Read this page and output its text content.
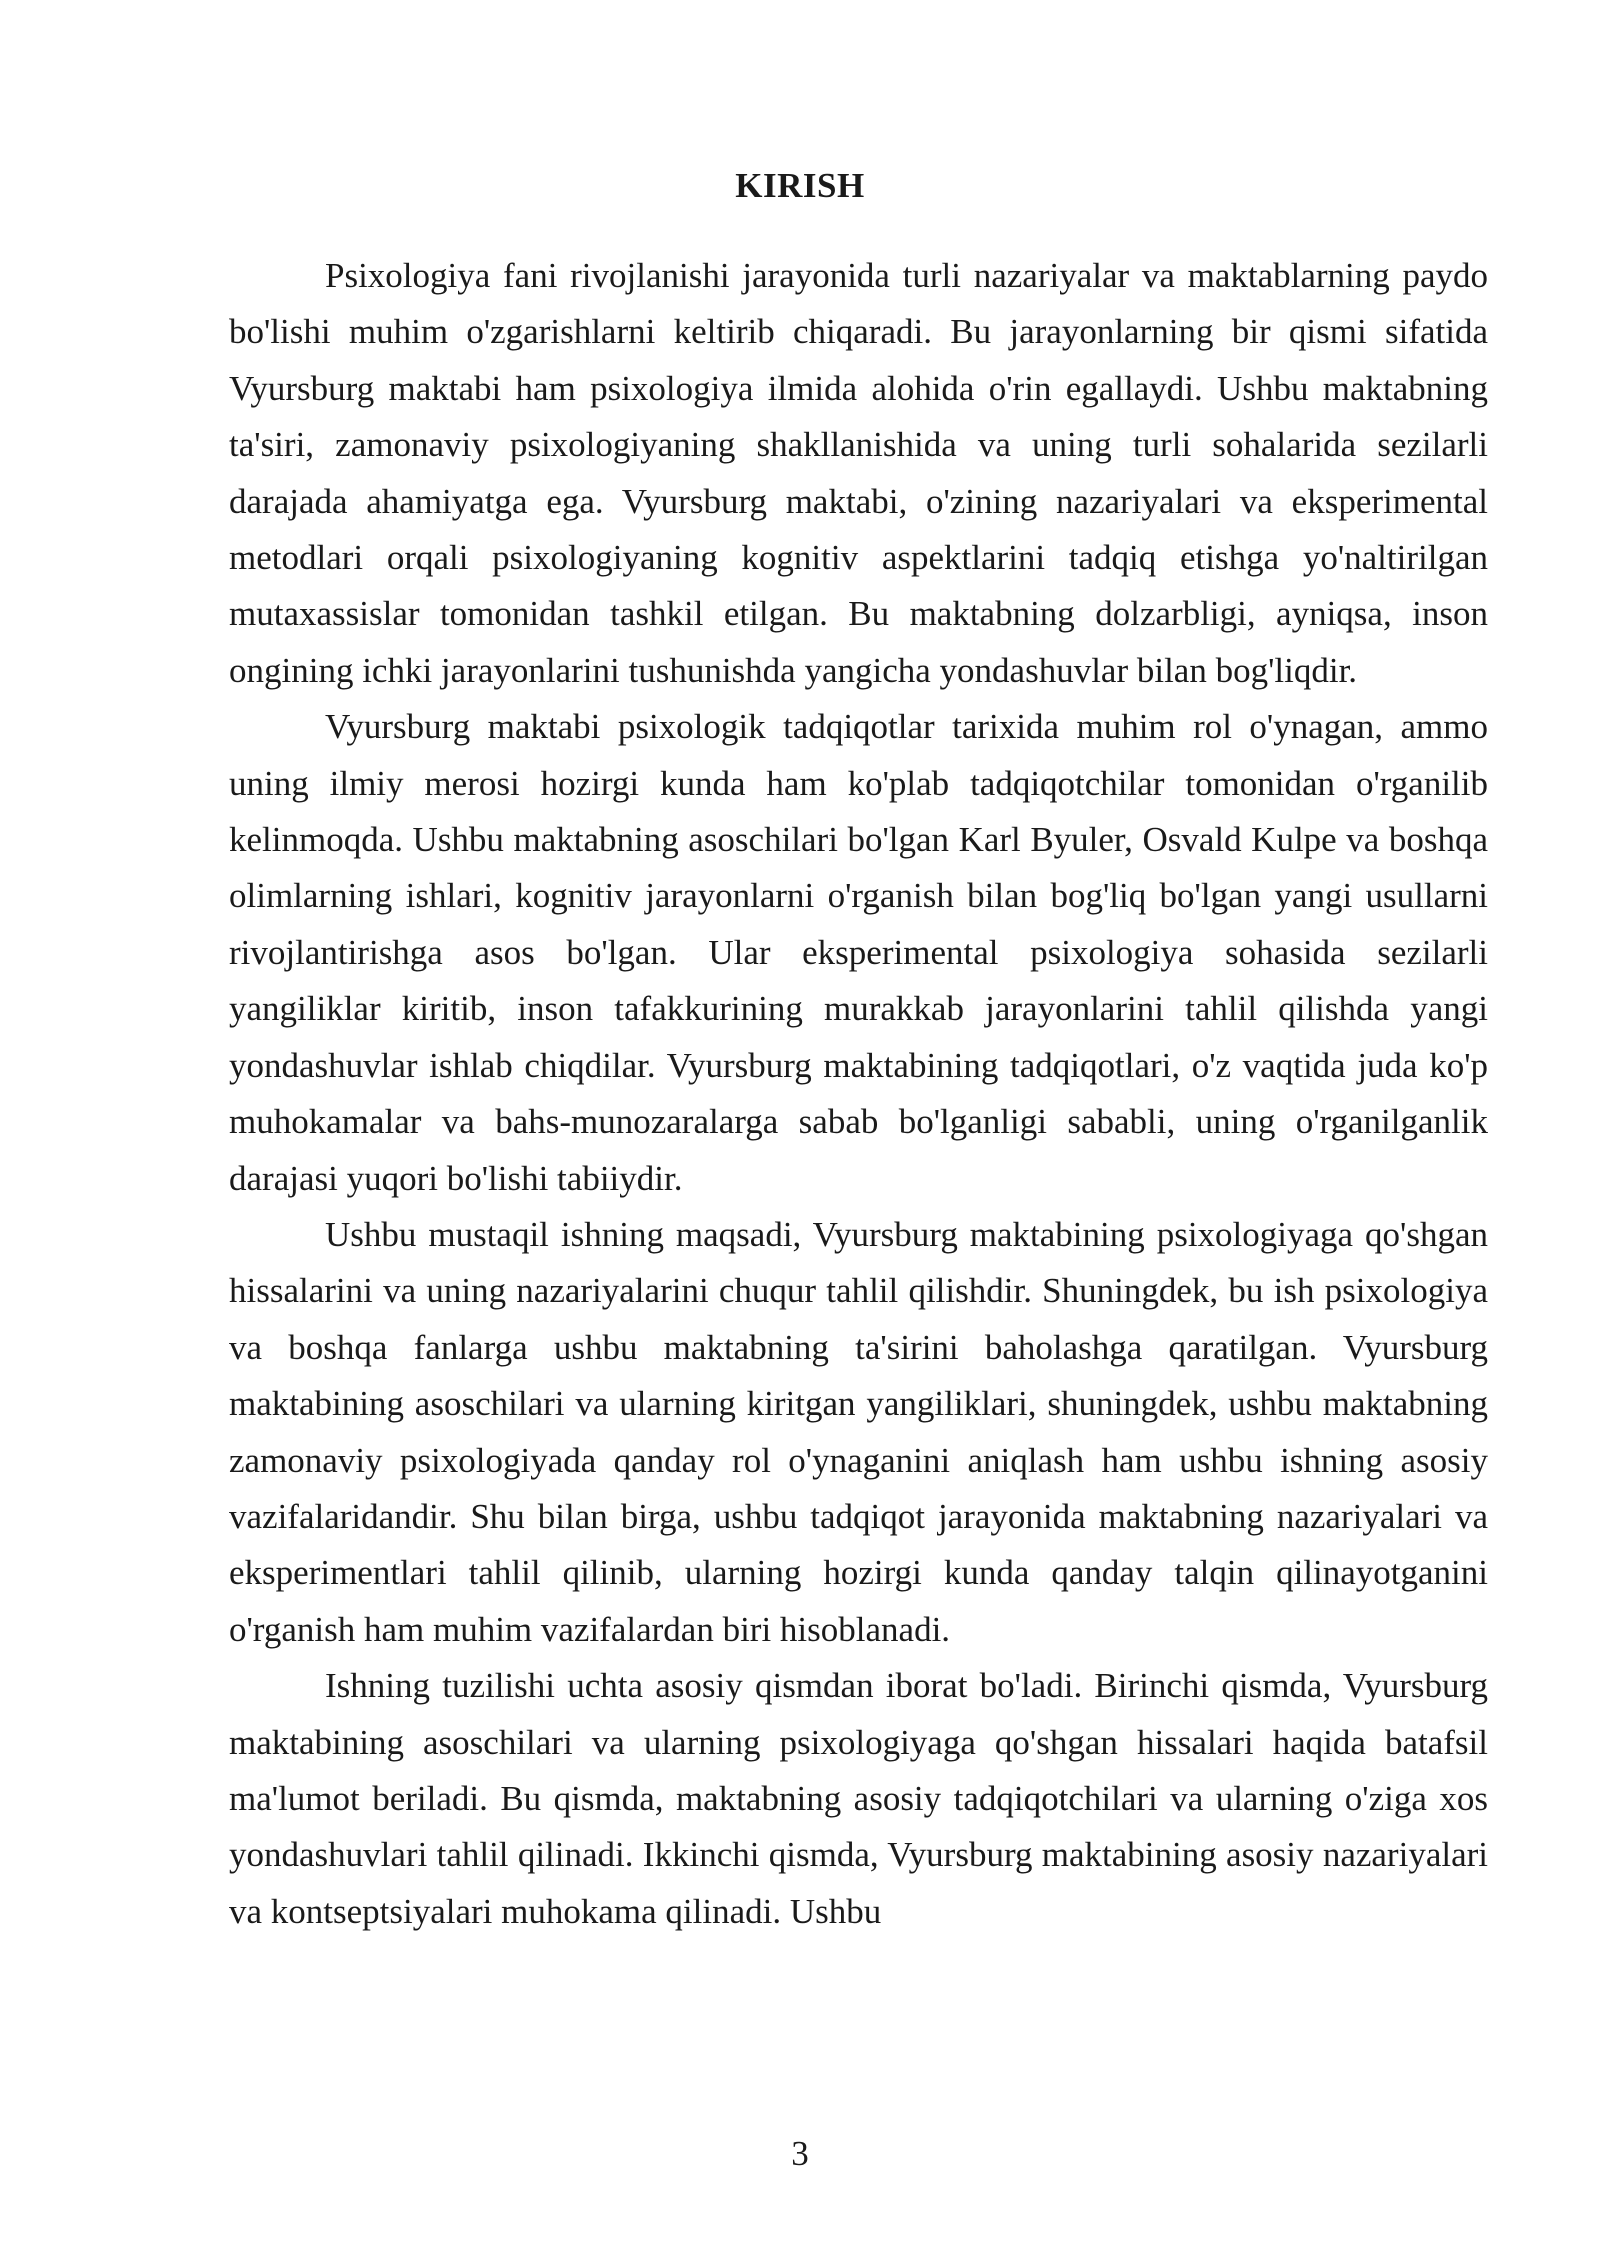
KIRISH

Psixologiya fani rivojlanishi jarayonida turli nazariyalar va maktablarning paydo bo'lishi muhim o'zgarishlarni keltirib chiqaradi. Bu jarayonlarning bir qismi sifatida Vyursburg maktabi ham psixologiya ilmida alohida o'rin egallaydi. Ushbu maktabning ta'siri, zamonaviy psixologiyaning shakllanishida va uning turli sohalarida sezilarli darajada ahamiyatga ega. Vyursburg maktabi, o'zining nazariyalari va eksperimental metodlari orqali psixologiyaning kognitiv aspektlarini tadqiq etishga yo'naltirilgan mutaxassislar tomonidan tashkil etilgan. Bu maktabning dolzarbligi, ayniqsa, inson ongining ichki jarayonlarini tushunishda yangicha yondashuvlar bilan bog'liqdir.

Vyursburg maktabi psixologik tadqiqotlar tarixida muhim rol o'ynagan, ammo uning ilmiy merosi hozirgi kunda ham ko'plab tadqiqotchilar tomonidan o'rganilib kelinmoqda. Ushbu maktabning asoschilari bo'lgan Karl Byuler, Osvald Kulpe va boshqa olimlarning ishlari, kognitiv jarayonlarni o'rganish bilan bog'liq bo'lgan yangi usullarni rivojlantirishga asos bo'lgan. Ular eksperimental psixologiya sohasida sezilarli yangiliklar kiritib, inson tafakkurining murakkab jarayonlarini tahlil qilishda yangi yondashuvlar ishlab chiqdilar. Vyursburg maktabining tadqiqotlari, o'z vaqtida juda ko'p muhokamalar va bahs-munozaralarga sabab bo'lganligi sababli, uning o'rganilganlik darajasi yuqori bo'lishi tabiiydir.

Ushbu mustaqil ishning maqsadi, Vyursburg maktabining psixologiyaga qo'shgan hissalarini va uning nazariyalarini chuqur tahlil qilishdir. Shuningdek, bu ish psixologiya va boshqa fanlarga ushbu maktabning ta'sirini baholashga qaratilgan. Vyursburg maktabining asoschilari va ularning kiritgan yangiliklari, shuningdek, ushbu maktabning zamonaviy psixologiyada qanday rol o'ynaganini aniqlash ham ushbu ishning asosiy vazifalaridandir. Shu bilan birga, ushbu tadqiqot jarayonida maktabning nazariyalari va eksperimentlari tahlil qilinib, ularning hozirgi kunda qanday talqin qilinayotganini o'rganish ham muhim vazifalardan biri hisoblanadi.

Ishning tuzilishi uchta asosiy qismdan iborat bo'ladi. Birinchi qismda, Vyursburg maktabining asoschilari va ularning psixologiyaga qo'shgan hissalari haqida batafsil ma'lumot beriladi. Bu qismda, maktabning asosiy tadqiqotchilari va ularning o'ziga xos yondashuvlari tahlil qilinadi. Ikkinchi qismda, Vyursburg maktabining asosiy nazariyalari va kontseptsiyalari muhokama qilinadi. Ushbu

3
